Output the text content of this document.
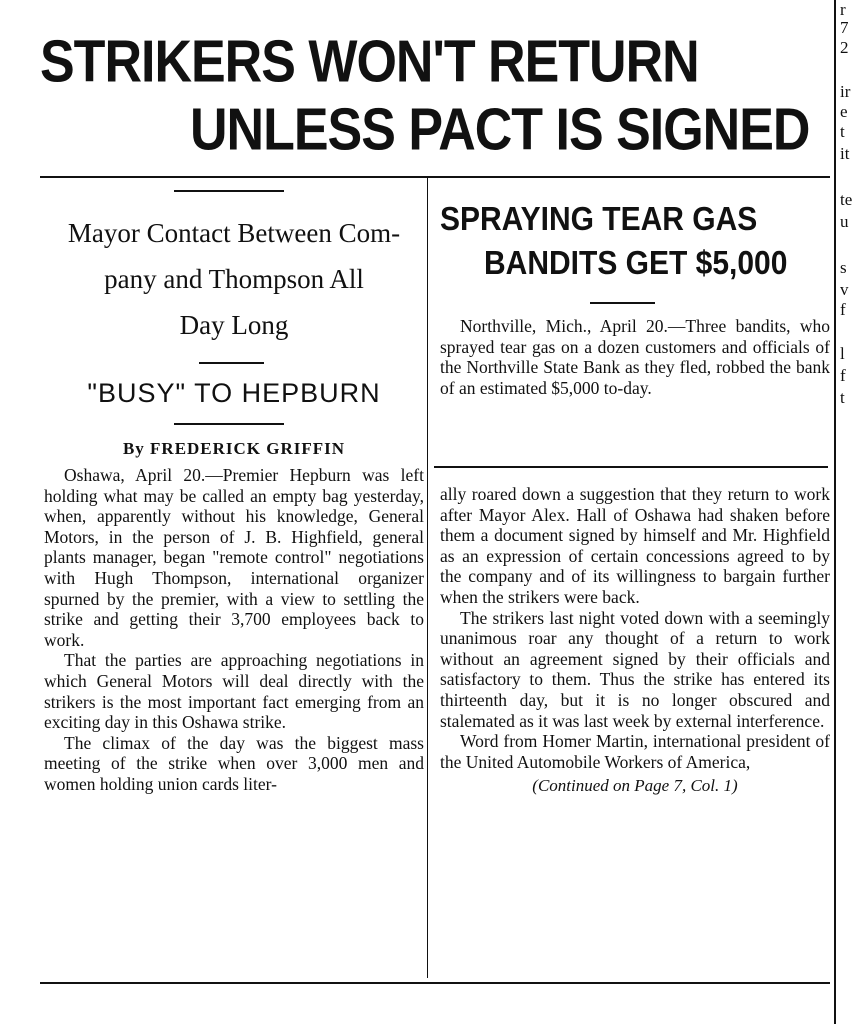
STRIKERS WON'T RETURN
UNLESS PACT IS SIGNED
Mayor Contact Between Com-
pany and Thompson All
Day Long
"BUSY" TO HEPBURN
By FREDERICK GRIFFIN

Oshawa, April 20.—Premier Hepburn was left holding what may be called an empty bag yesterday, when, apparently without his knowledge, General Motors, in the person of J. B. Highfield, general plants manager, began "remote control" negotiations with Hugh Thompson, international organizer spurned by the premier, with a view to settling the strike and getting their 3,700 employees back to work.

That the parties are approaching negotiations in which General Motors will deal directly with the strikers is the most important fact emerging from an exciting day in this Oshawa strike.

The climax of the day was the biggest mass meeting of the strike when over 3,000 men and women holding union cards liter-

SPRAYING TEAR GAS
BANDITS GET $5,000

Northville, Mich., April 20.—Three bandits, who sprayed tear gas on a dozen customers and officials of the Northville State Bank as they fled, robbed the bank of an estimated $5,000 to-day.

ally roared down a suggestion that they return to work after Mayor Alex. Hall of Oshawa had shaken before them a document signed by himself and Mr. Highfield as an expression of certain concessions agreed to by the company and of its willingness to bargain further when the strikers were back.

The strikers last night voted down with a seemingly unanimous roar any thought of a return to work without an agreement signed by their officials and satisfactory to them. Thus the strike has entered its thirteenth day, but it is no longer obscured and stalemated as it was last week by external interference.

Word from Homer Martin, international president of the United Automobile Workers of America,

(Continued on Page 7, Col. 1)
r
7
2
ir
e
t
it
te
u
s
v
f
l
f
t
